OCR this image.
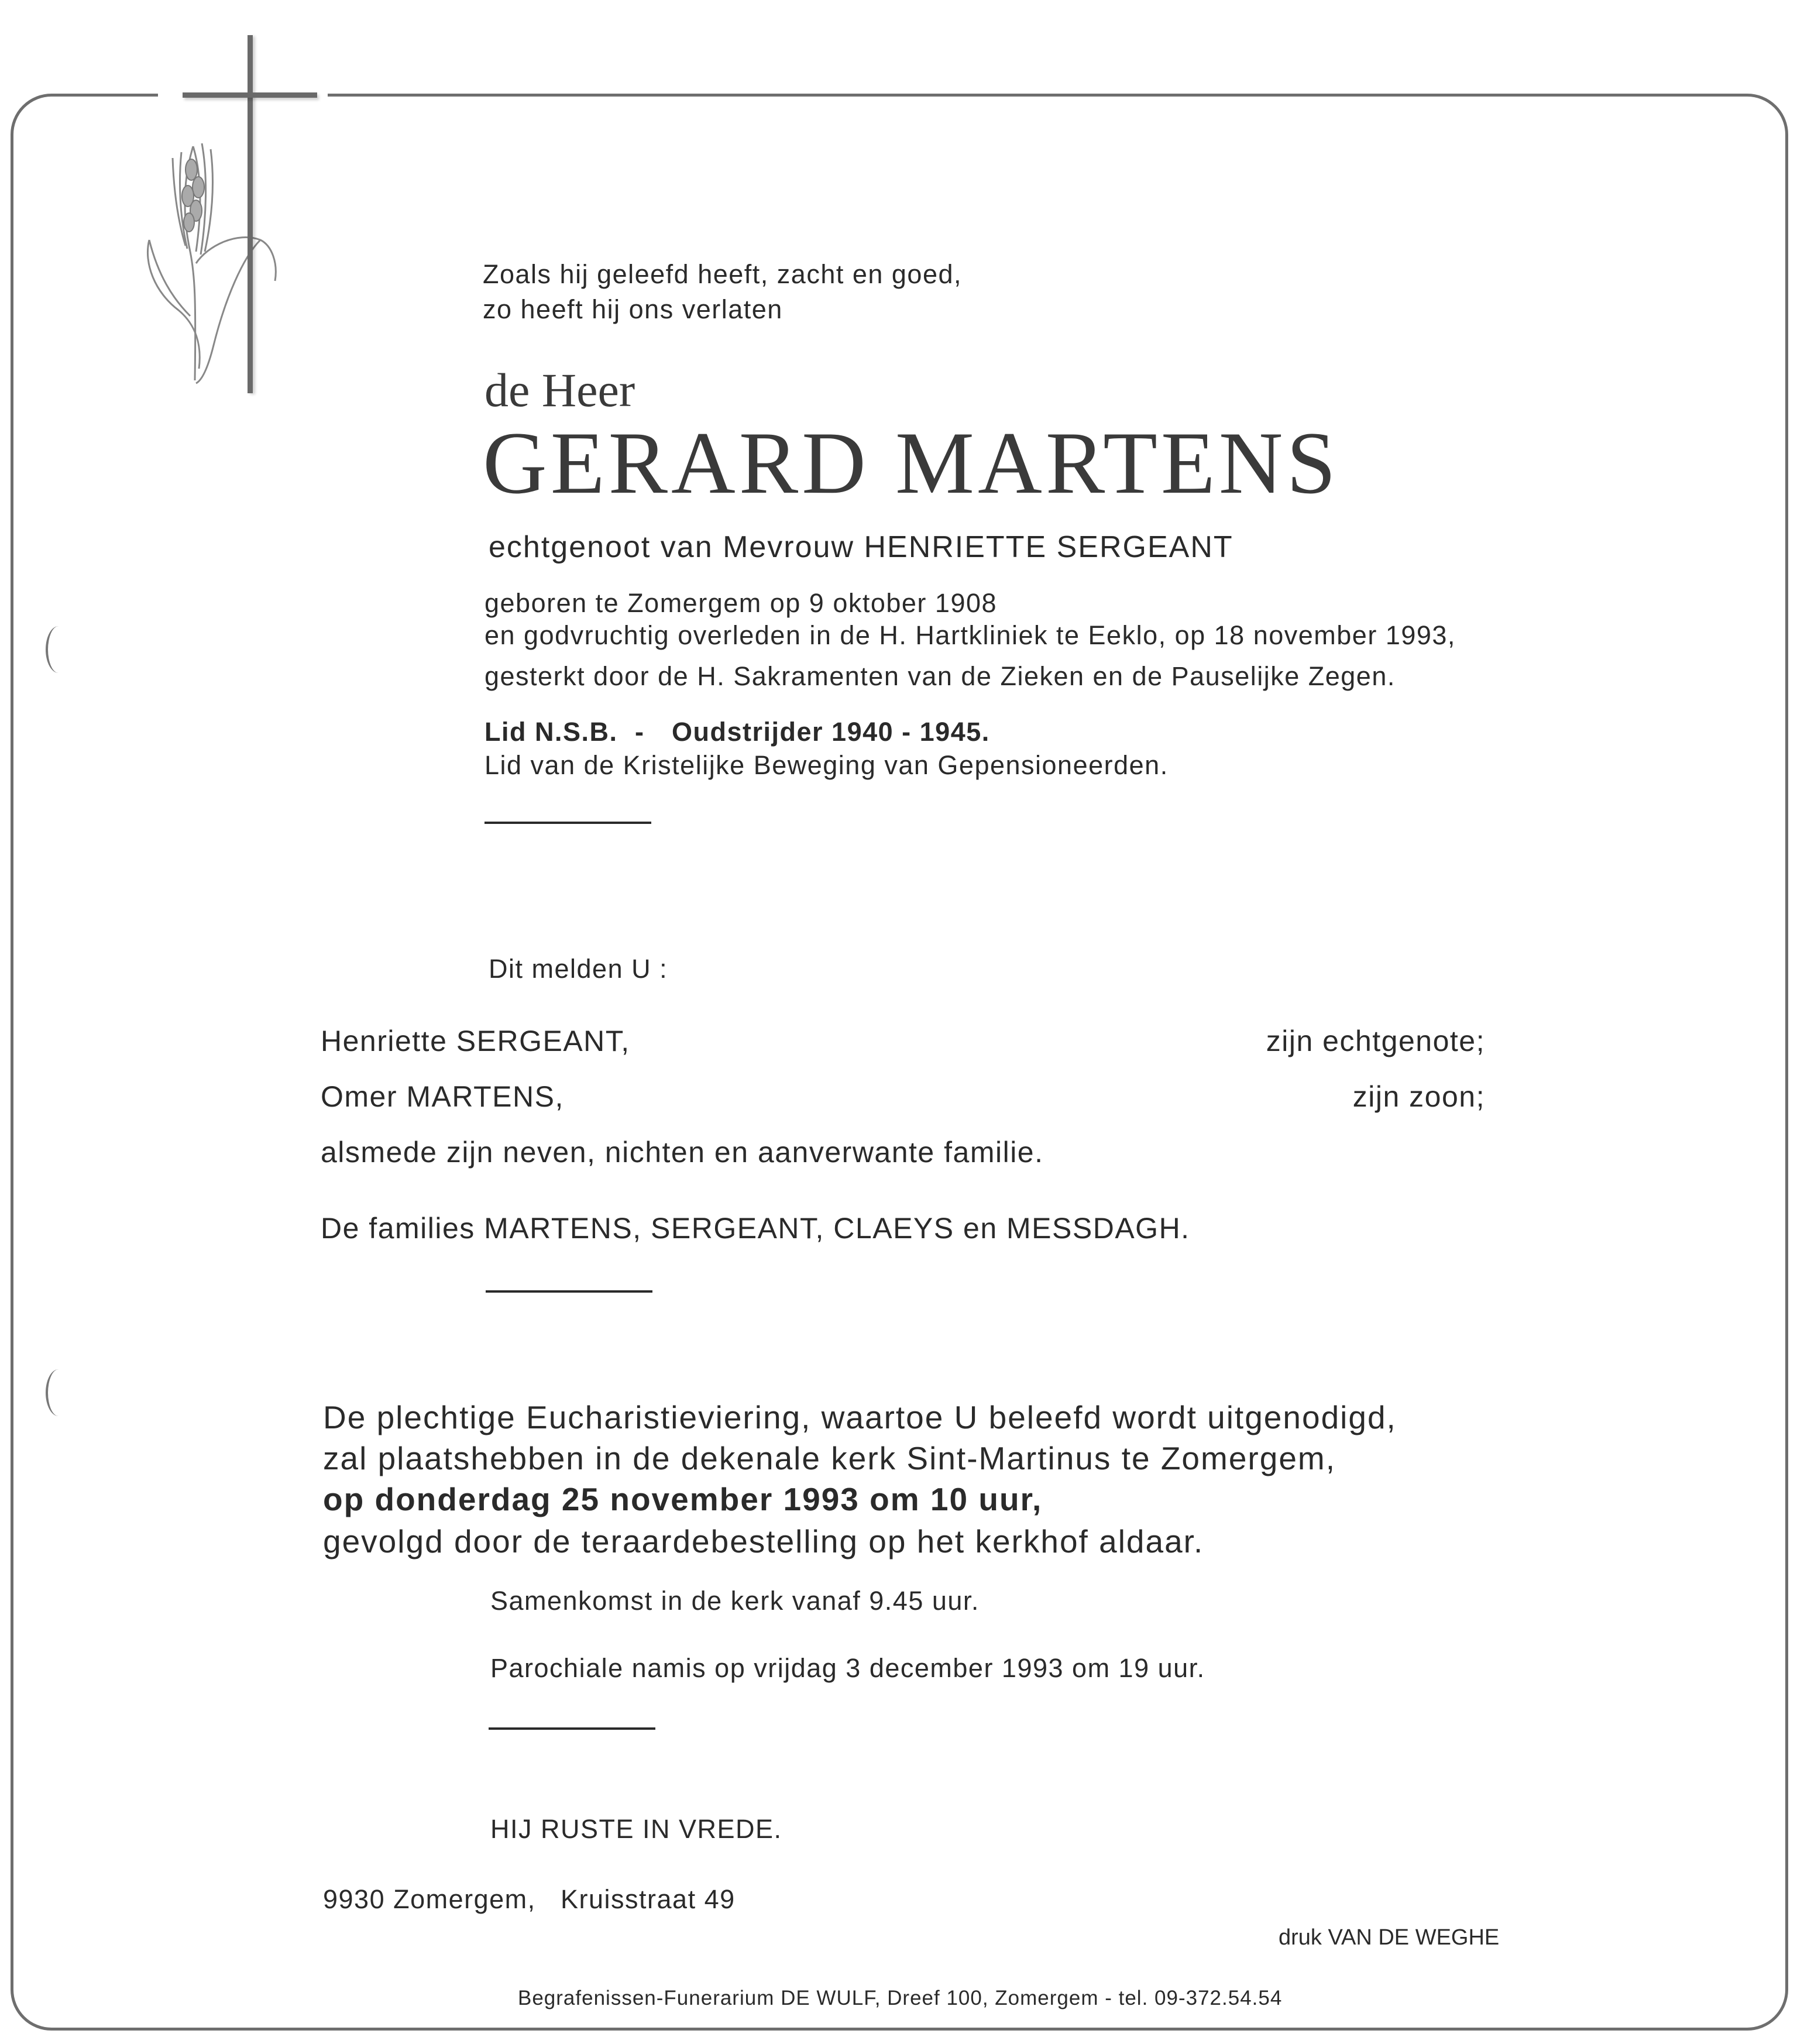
Zoals hij geleefd heeft, zacht en goed,
zo heeft hij ons verlaten
de Heer
GERARD MARTENS
echtgenoot van Mevrouw HENRIETTE SERGEANT
geboren te Zomergem op 9 oktober 1908
en godvruchtig overleden in de H. Hartkliniek te Eeklo, op 18 november 1993,
gesterkt door de H. Sakramenten van de Zieken en de Pauselijke Zegen.
Lid N.S.B. - Oudstrijder 1940 - 1945.
Lid van de Kristelijke Beweging van Gepensioneerden.
Dit melden U :
Henriette SERGEANT,	zijn echtgenote;
Omer MARTENS,	zijn zoon;
alsmede zijn neven, nichten en aanverwante familie.
De families MARTENS, SERGEANT, CLAEYS en MESSDAGH.
De plechtige Eucharistieviering, waartoe U beleefd wordt uitgenodigd,
zal plaatshebben in de dekenale kerk Sint-Martinus te Zomergem,
op donderdag 25 november 1993 om 10 uur,
gevolgd door de teraardebestelling op het kerkhof aldaar.
Samenkomst in de kerk vanaf 9.45 uur.
Parochiale namis op vrijdag 3 december 1993 om 19 uur.
HIJ RUSTE IN VREDE.
9930 Zomergem, Kruisstraat 49
druk VAN DE WEGHE
Begrafenissen-Funerarium DE WULF, Dreef 100, Zomergem - tel. 09-372.54.54
